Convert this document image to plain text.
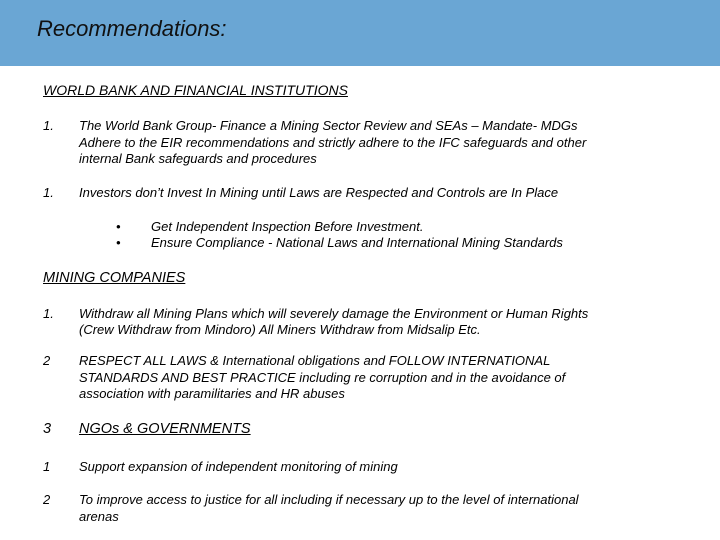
Recommendations:
WORLD BANK AND FINANCIAL INSTITUTIONS
1. The World Bank Group- Finance a Mining Sector Review and SEAs – Mandate- MDGs
Adhere to the EIR recommendations and strictly adhere to the IFC safeguards and other
internal Bank safeguards and procedures
1. Investors don’t Invest In Mining until Laws are Respected and Controls are In Place
• Get Independent Inspection Before Investment.
• Ensure Compliance - National Laws and International Mining Standards
MINING COMPANIES
1. Withdraw all Mining Plans which will severely damage the Environment or Human Rights
(Crew Withdraw from Mindoro) All Miners Withdraw from Midsalip Etc.
2 RESPECT ALL LAWS & International obligations and FOLLOW INTERNATIONAL
STANDARDS AND BEST PRACTICE including re corruption and in the avoidance of
association with paramilitaries and HR abuses
3 NGOs & GOVERNMENTS
1 Support expansion of independent monitoring of mining
2 To improve access to justice for all including if necessary up to the level of international
arenas
